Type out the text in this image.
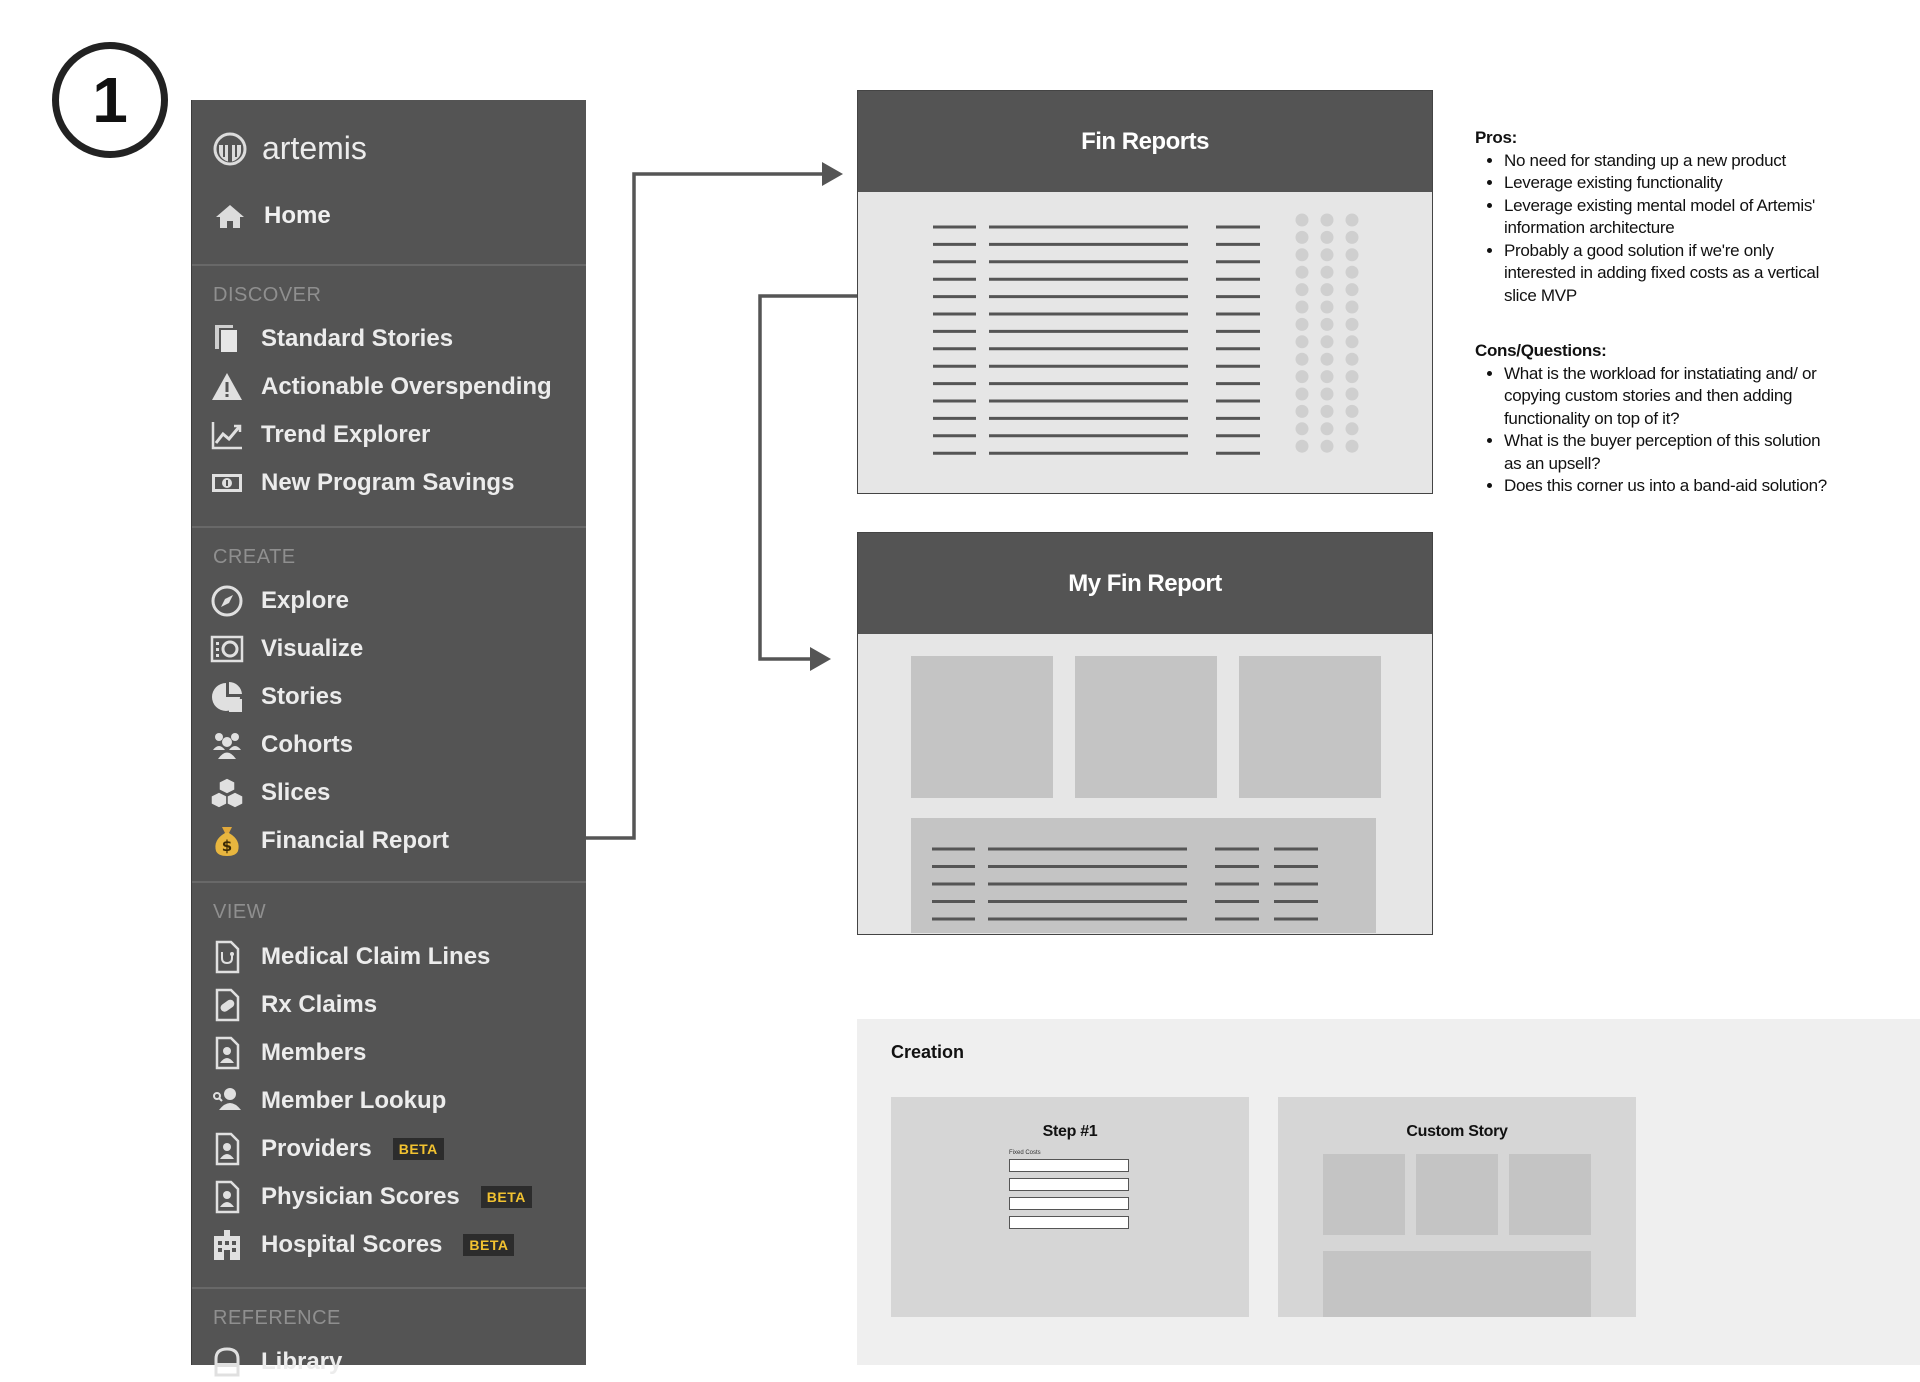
1
artemis
Home
DISCOVER
Standard Stories
Actionable Overspending
Trend Explorer
New Program Savings
CREATE
Explore
Visualize
Stories
Cohorts
Slices
$ Financial Report
VIEW
Medical Claim Lines
Rx Claims
Members
Member Lookup
Providers	BETA
Physician Scores	BETA
Hospital Scores	BETA
REFERENCE
Library
Fin Reports
My Fin Report
Pros:
• No need for standing up a new product
• Leverage existing functionality
• Leverage existing mental model of Artemis' information architecture
• Probably a good solution if we're only interested in adding fixed costs as a vertical slice MVP
Cons/Questions:
• What is the workload for instatiating and/ or copying custom stories and then adding functionality on top of it?
• What is the buyer perception of this solution as an upsell?
• Does this corner us into a band-aid solution?
Creation
Step #1
Fixed Costs
Custom Story
